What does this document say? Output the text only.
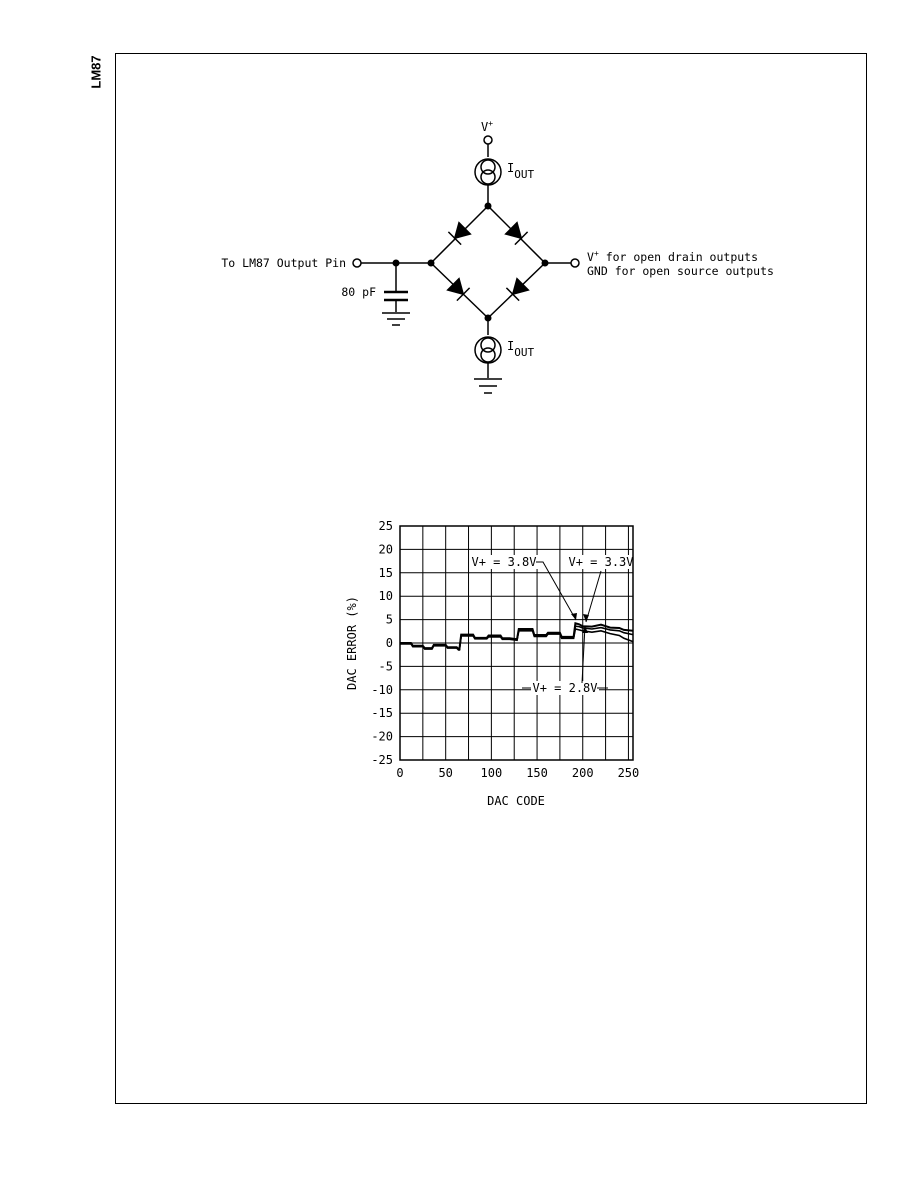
LM87
V+
IOUT
IOUT
To LM87 Output Pin
80 pF
V+ for open drain outputs
GND for open source outputs
0	50 100 150 200 250
25
20
15
10
5
0
-5
-10
-15
-20
-25
V+ = 3.8V	V+ = 3.3V
V+ = 2.8V
DAC CODE
DAC ERROR (%)
